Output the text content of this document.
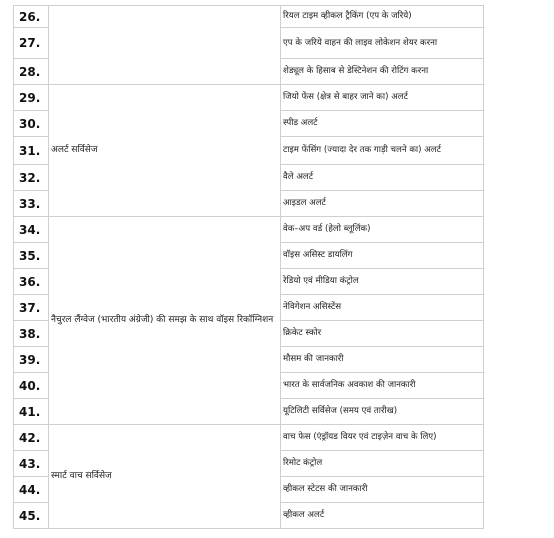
26.		रियल टाइम व्हीकल ट्रैकिंग (एप के जरिये)
27.		एप के जरिये वाहन की लाइव लोकेशन शेयर करना
28.		शेड्यूल के हिसाब से डेस्टिनेशन की रोटिंग करना
29.	अलर्ट सर्विसेज	जियो फेंस (क्षेत्र से बाहर जाने का) अलर्ट
30.		स्पीड अलर्ट
31.		टाइम फेंसिंग (ज्यादा देर तक गाड़ी चलने का) अलर्ट
32.		वैले अलर्ट
33.		आइडल अलर्ट
34.	नैचुरल लैंग्वेज (भारतीय अंग्रेजी) की समझ के साथ वॉइस रिकॉग्निशन	वेक–अप वर्ड (हेलो ब्लूलिंक)
35.		वॉइस असिस्ट डायलिंग
36.		रेडियो एवं मीडिया कंट्रोल
37.		नेविगेशन असिस्टेंस
38.		क्रिकेट स्कोर
39.		मौसम की जानकारी
40.		भारत के सार्वजनिक अवकाश की जानकारी
41.		यूटिलिटी सर्विसेज (समय एवं तारीख)
42.	स्मार्ट वाच सर्विसेज	वाच फेस (एंड्रॉयड वियर एवं टाइज़ेन वाच के लिए)
43.		रिमोट कंट्रोल
44.		व्हीकल स्टेटस की जानकारी
45.		व्हीकल अलर्ट
